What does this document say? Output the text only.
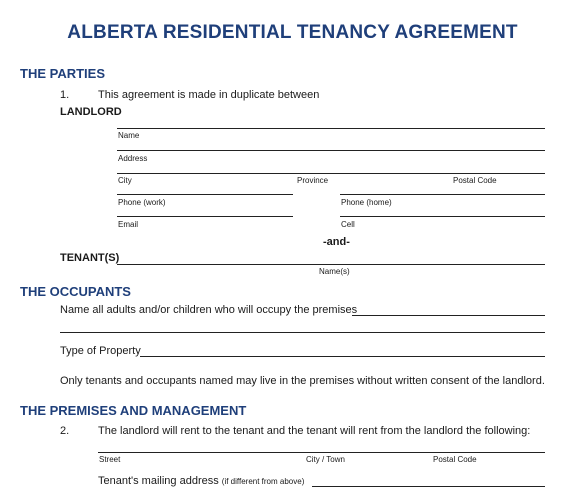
ALBERTA RESIDENTIAL TENANCY AGREEMENT
THE PARTIES
1.	This agreement is made in duplicate between
LANDLORD
Name
Address
City	Province	Postal Code
Phone (work)	Phone (home)
Email	Cell
-and-
TENANT(S)
Name(s)
THE OCCUPANTS
Name all adults and/or children who will occupy the premises
Type of Property
Only tenants and occupants named may live in the premises without written consent of the landlord.
THE PREMISES AND MANAGEMENT
2.	The landlord will rent to the tenant and the tenant will rent from the landlord the following:
Street	City / Town	Postal Code
Tenant's mailing address (if different from above)
